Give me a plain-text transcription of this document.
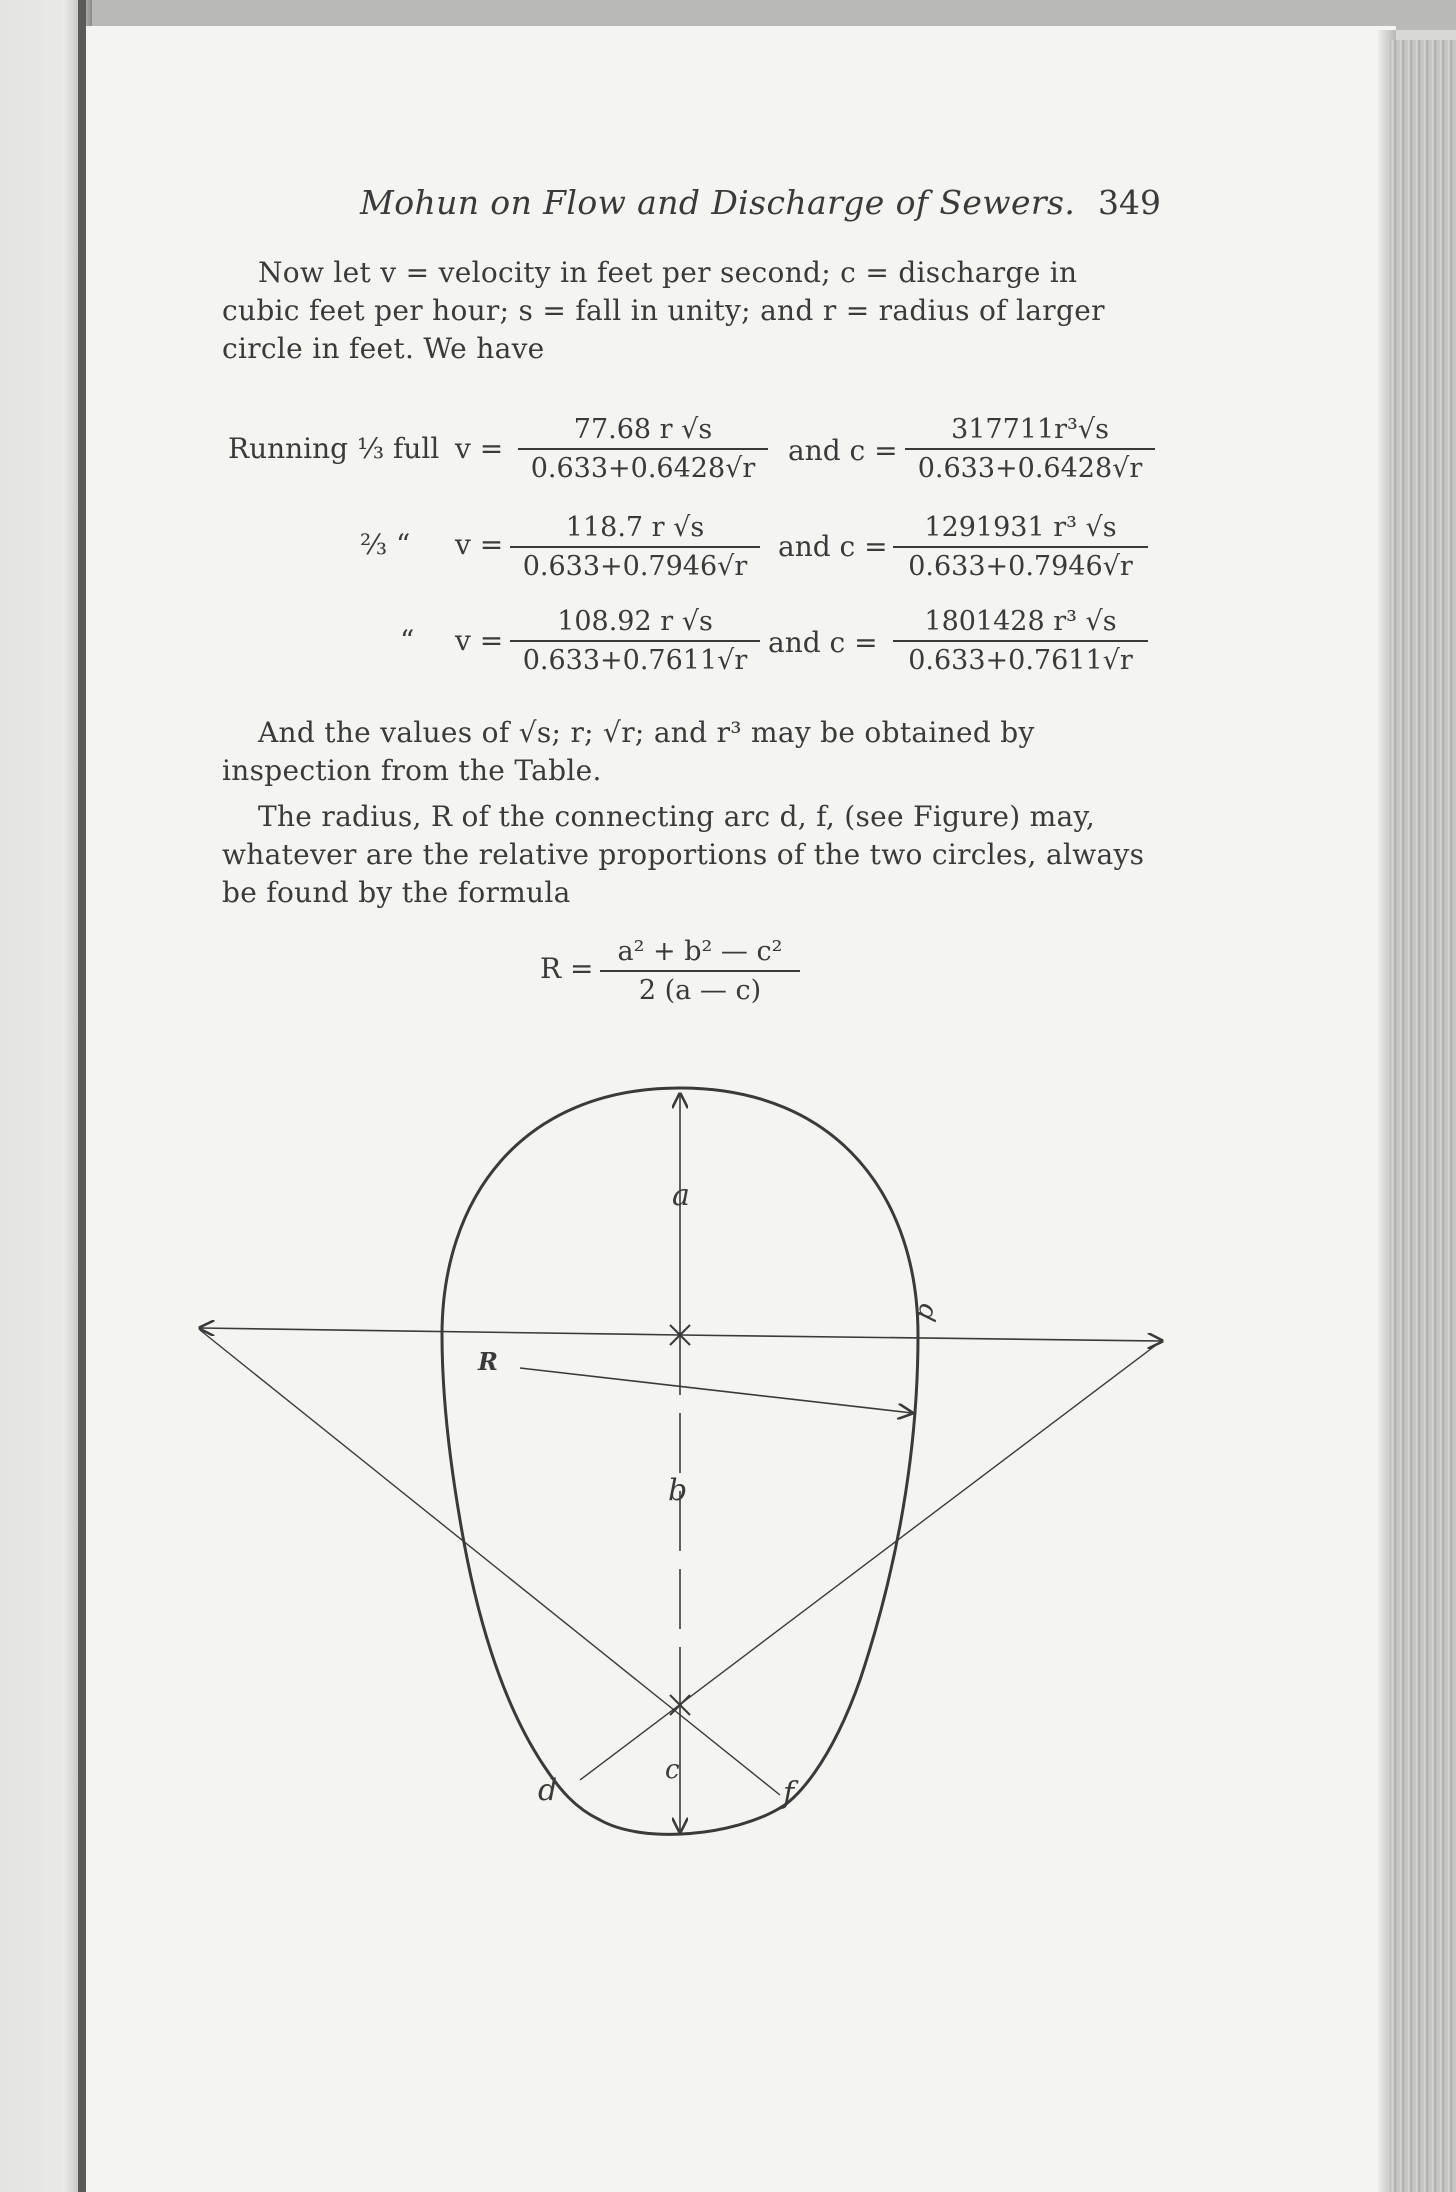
Mohun on Flow and Discharge of Sewers. 349
Now let v = velocity in feet per second; c = discharge in
cubic feet per hour; s = fall in unity; and r = radius of larger
circle in feet. We have
Running ⅓ full $v = \frac{77.68 r √s}{0.633+0.6428√r}$ and $c = \frac{\text{317711r³√s}}{0.633+0.6428√r}$
⅔ “ $v = \frac{118.7 r √s}{0.633+0.7946√r}$ and $c = \frac{\text{1291931 r³ √s}}{0.633+0.7946√r}$
“ $v = \frac{108.92 r √s}{0.633+0.7611√r}$ and $c = \frac{\text{1801428 r³ √s}}{0.633+0.7611√r}$
And the values of √s; r; √r; and r³ may be obtained by
inspection from the Table.
The radius, R of the connecting arc d, f, (see Figure) may,
whatever are the relative proportions of the two circles, always
be found by the formula
$R = \frac{\text{a² + b² — c²}}{2 (a — c)}$
a
b
c
d	f
R
p
